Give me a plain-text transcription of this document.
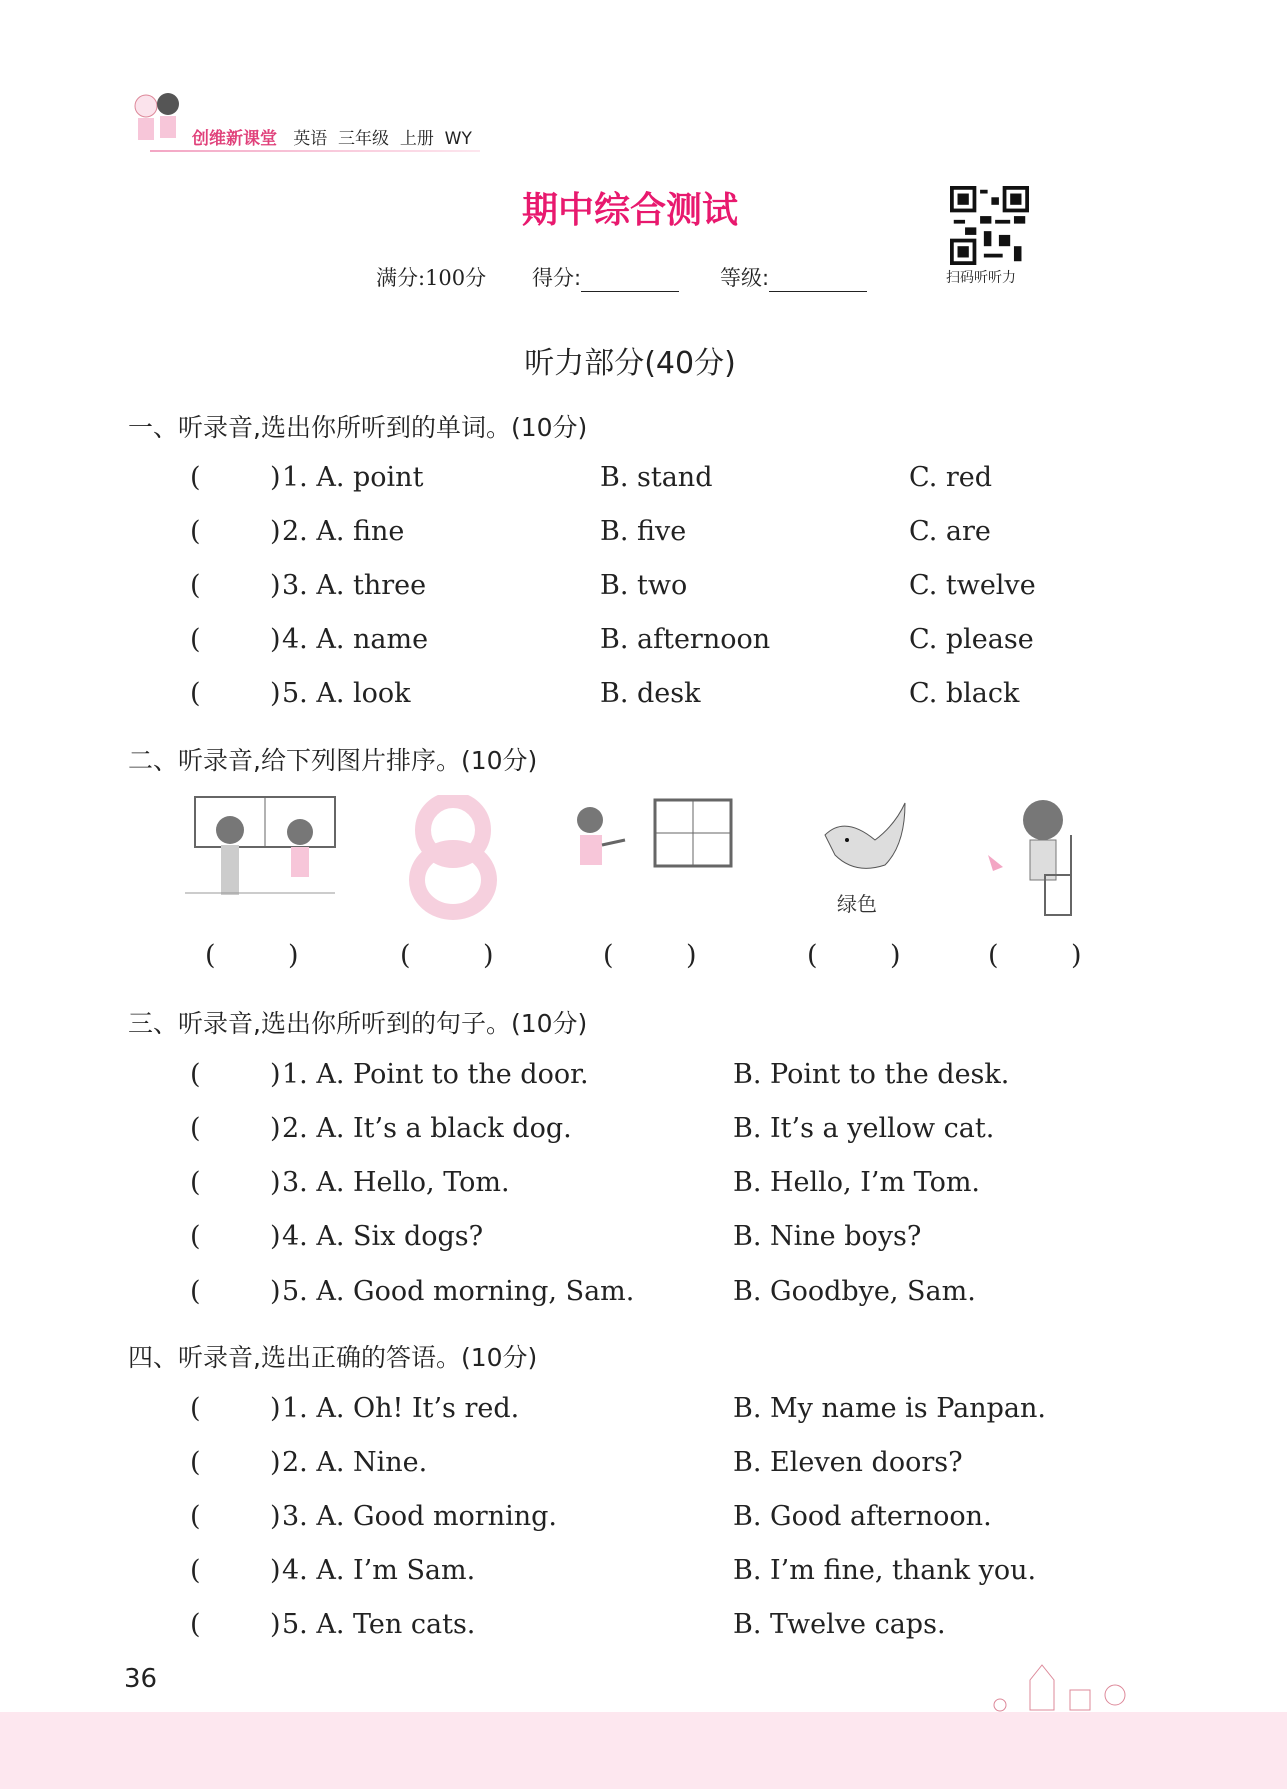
创维新课堂 英语 三年级 上册 WY
期中综合测试
满分:100分 得分:	等级:	扫码听听力
听力部分(40分)
一、听录音,选出你所听到的单词。(10分)
(	) 1. A. point	B. stand	C. red
(	) 2. A. fine	B. five	C. are
(	) 3. A. three	B. two	C. twelve
(	) 4. A. name	B. afternoon	C. please
(	) 5. A. look	B. desk	C. black
二、听录音,给下列图片排序。(10分)
(	)	(	)	(	)	(	)	(	)
三、听录音,选出你所听到的句子。(10分)
(	) 1. A. Point to the door.	B. Point to the desk.
(	) 2. A. It’s a black dog.	B. It’s a yellow cat.
(	) 3. A. Hello, Tom.	B. Hello, I’m Tom.
(	) 4. A. Six dogs?	B. Nine boys?
(	) 5. A. Good morning, Sam.	B. Goodbye, Sam.
四、听录音,选出正确的答语。(10分)
(	) 1. A. Oh! It’s red.	B. My name is Panpan.
(	) 2. A. Nine.	B. Eleven doors?
(	) 3. A. Good morning.	B. Good afternoon.
(	) 4. A. I’m Sam.	B. I’m fine, thank you.
(	) 5. A. Ten cats.	B. Twelve caps.
绿色
36
